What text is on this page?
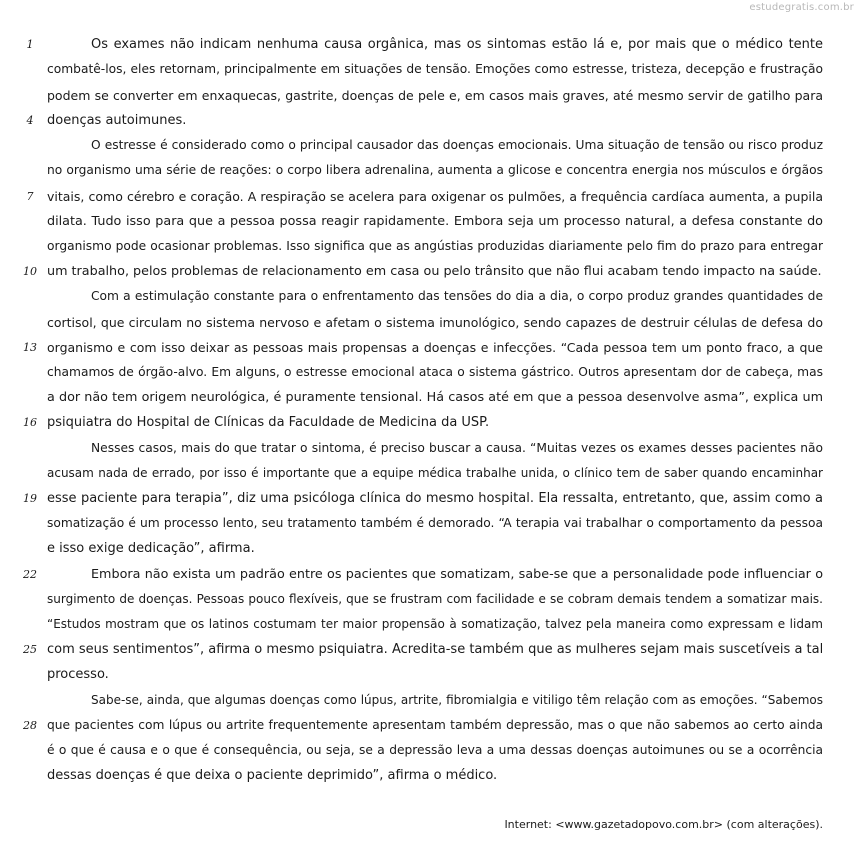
estudegratis.com.br
1
4
7
10
13
16
19
22
25
28
Os exames não indicam nenhuma causa orgânica, mas os sintomas estão lá e, por mais que o médico tente
combatê-los, eles retornam, principalmente em situações de tensão. Emoções como estresse, tristeza, decepção e frustração
podem se converter em enxaquecas, gastrite, doenças de pele e, em casos mais graves, até mesmo servir de gatilho para
doenças autoimunes.
O estresse é considerado como o principal causador das doenças emocionais. Uma situação de tensão ou risco produz
no organismo uma série de reações: o corpo libera adrenalina, aumenta a glicose e concentra energia nos músculos e órgãos
vitais, como cérebro e coração. A respiração se acelera para oxigenar os pulmões, a frequência cardíaca aumenta, a pupila
dilata. Tudo isso para que a pessoa possa reagir rapidamente. Embora seja um processo natural, a defesa constante do
organismo pode ocasionar problemas. Isso significa que as angústias produzidas diariamente pelo fim do prazo para entregar
um trabalho, pelos problemas de relacionamento em casa ou pelo trânsito que não flui acabam tendo impacto na saúde.
Com a estimulação constante para o enfrentamento das tensões do dia a dia, o corpo produz grandes quantidades de
cortisol, que circulam no sistema nervoso e afetam o sistema imunológico, sendo capazes de destruir células de defesa do
organismo e com isso deixar as pessoas mais propensas a doenças e infecções. “Cada pessoa tem um ponto fraco, a que
chamamos de órgão-alvo. Em alguns, o estresse emocional ataca o sistema gástrico. Outros apresentam dor de cabeça, mas
a dor não tem origem neurológica, é puramente tensional. Há casos até em que a pessoa desenvolve asma”, explica um
psiquiatra do Hospital de Clínicas da Faculdade de Medicina da USP.
Nesses casos, mais do que tratar o sintoma, é preciso buscar a causa. “Muitas vezes os exames desses pacientes não
acusam nada de errado, por isso é importante que a equipe médica trabalhe unida, o clínico tem de saber quando encaminhar
esse paciente para terapia”, diz uma psicóloga clínica do mesmo hospital. Ela ressalta, entretanto, que, assim como a
somatização é um processo lento, seu tratamento também é demorado. “A terapia vai trabalhar o comportamento da pessoa
e isso exige dedicação”, afirma.
Embora não exista um padrão entre os pacientes que somatizam, sabe-se que a personalidade pode influenciar o
surgimento de doenças. Pessoas pouco flexíveis, que se frustram com facilidade e se cobram demais tendem a somatizar mais.
“Estudos mostram que os latinos costumam ter maior propensão à somatização, talvez pela maneira como expressam e lidam
com seus sentimentos”, afirma o mesmo psiquiatra. Acredita-se também que as mulheres sejam mais suscetíveis a tal
processo.
Sabe-se, ainda, que algumas doenças como lúpus, artrite, fibromialgia e vitiligo têm relação com as emoções. “Sabemos
que pacientes com lúpus ou artrite frequentemente apresentam também depressão, mas o que não sabemos ao certo ainda
é o que é causa e o que é consequência, ou seja, se a depressão leva a uma dessas doenças autoimunes ou se a ocorrência
dessas doenças é que deixa o paciente deprimido”, afirma o médico.
Internet: <www.gazetadopovo.com.br> (com alterações).
